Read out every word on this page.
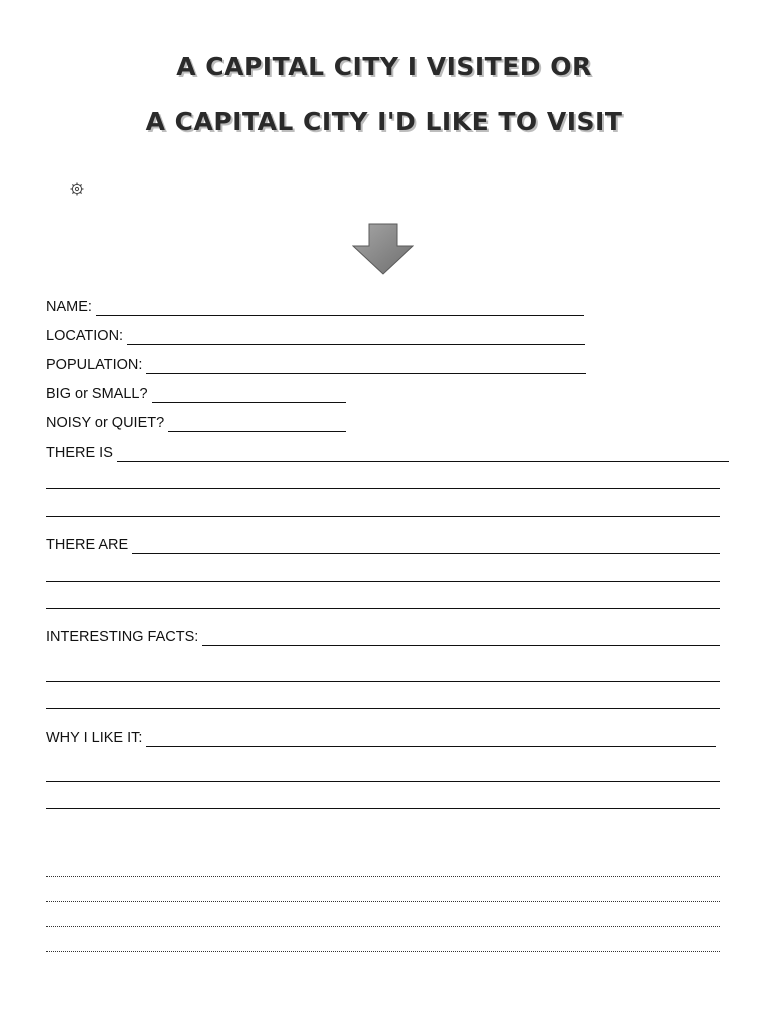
A CAPITAL CITY I VISITED OR
A CAPITAL CITY I'D LIKE TO VISIT
NAME:
LOCATION:
POPULATION:
BIG or SMALL?
NOISY or QUIET?
THERE IS
THERE ARE
INTERESTING FACTS:
WHY I LIKE IT:
